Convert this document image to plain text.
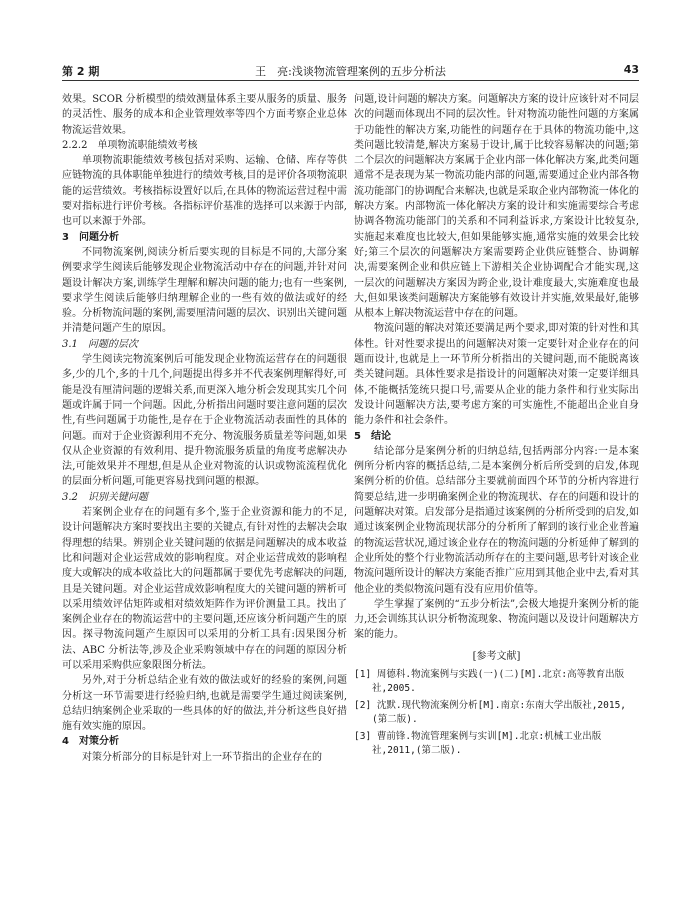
第 2 期	王　亮:浅谈物流管理案例的五步分析法	43

效果。SCOR 分析模型的绩效测量体系主要从服务的质量、服务的灵活性、服务的成本和企业管理效率等四个方面考察企业总体物流运营效果。

2.2.2　单项物流职能绩效考核

单项物流职能绩效考核包括对采购、运输、仓储、库存等供应链物流的具体职能单独进行的绩效考核,目的是评价各项物流职能的运营绩效。考核指标设置好以后,在具体的物流运营过程中需要对指标进行评价考核。各指标评价基准的选择可以来源于内部,也可以来源于外部。

3　问题分析

不同物流案例,阅读分析后要实现的目标是不同的,大部分案例要求学生阅读后能够发现企业物流活动中存在的问题,并针对问题设计解决方案,训练学生理解和解决问题的能力;也有一些案例,要求学生阅读后能够归纳理解企业的一些有效的做法或好的经验。分析物流问题的案例,需要厘清问题的层次、识别出关键问题并清楚问题产生的原因。

3.1　问题的层次

学生阅读完物流案例后可能发现企业物流运营存在的问题很多,少的几个,多的十几个,问题提出得多并不代表案例理解得好,可能是没有厘清问题的逻辑关系,而更深入地分析会发现其实几个问题或许属于同一个问题。因此,分析指出问题时要注意问题的层次性,有些问题属于功能性,是存在于企业物流活动表面性的具体的问题。而对于企业资源利用不充分、物流服务质量差等问题,如果仅从企业资源的有效利用、提升物流服务质量的角度考虑解决办法,可能效果并不理想,但是从企业对物流的认识或物流流程优化的层面分析问题,可能更容易找到问题的根源。

3.2　识别关键问题

若案例企业存在的问题有多个,鉴于企业资源和能力的不足,设计问题解决方案时要找出主要的关键点,有针对性的去解决会取得理想的结果。辨别企业关键问题的依据是问题解决的成本收益比和问题对企业运营成效的影响程度。对企业运营成效的影响程度大或解决的成本收益比大的问题都属于要优先考虑解决的问题,且是关键问题。对企业运营成效影响程度大的关键问题的辨析可以采用绩效评估矩阵或相对绩效矩阵作为评价测量工具。找出了案例企业存在的物流运营中的主要问题,还应该分析问题产生的原因。探寻物流问题产生原因可以采用的分析工具有:因果图分析法、ABC 分析法等,涉及企业采购领域中存在的问题的原因分析可以采用采购供应象限图分析法。

另外,对于分析总结企业有效的做法或好的经验的案例,问题分析这一环节需要进行经验归纳,也就是需要学生通过阅读案例,总结归纳案例企业采取的一些具体的好的做法,并分析这些良好措施有效实施的原因。

4　对策分析

对策分析部分的目标是针对上一环节指出的企业存在的

问题,设计问题的解决方案。问题解决方案的设计应该针对不同层次的问题而体现出不同的层次性。针对物流功能性问题的方案属于功能性的解决方案,功能性的问题存在于具体的物流功能中,这类问题比较清楚,解决方案易于设计,属于比较容易解决的问题;第二个层次的问题解决方案属于企业内部一体化解决方案,此类问题通常不是表现为某一物流功能内部的问题,需要通过企业内部各物流功能部门的协调配合来解决,也就是采取企业内部物流一体化的解决方案。内部物流一体化解决方案的设计和实施需要综合考虑协调各物流功能部门的关系和不同利益诉求,方案设计比较复杂,实施起来难度也比较大,但如果能够实施,通常实施的效果会比较好;第三个层次的问题解决方案需要跨企业供应链整合、协调解决,需要案例企业和供应链上下游相关企业协调配合才能实现,这一层次的问题解决方案因为跨企业,设计难度最大,实施难度也最大,但如果该类问题解决方案能够有效设计并实施,效果最好,能够从根本上解决物流运营中存在的问题。

物流问题的解决对策还要满足两个要求,即对策的针对性和其体性。针对性要求提出的问题解决对策一定要针对企业存在的问题而设计,也就是上一环节所分析指出的关键问题,而不能脱离该类关键问题。具体性要求是指设计的问题解决对策一定要详细具体,不能概括笼统只提口号,需要从企业的能力条件和行业实际出发设计问题解决方法,要考虑方案的可实施性,不能超出企业自身能力条件和社会条件。

5　结论

结论部分是案例分析的归纳总结,包括两部分内容:一是本案例所分析内容的概括总结,二是本案例分析后所受到的启发,体现案例分析的价值。总结部分主要就前面四个环节的分析内容进行简要总结,进一步明确案例企业的物流现状、存在的问题和设计的问题解决对策。启发部分是指通过该案例的分析所受到的启发,如通过该案例企业物流现状部分的分析所了解到的该行业企业普遍的物流运营状况,通过该企业存在的物流问题的分析延伸了解到的企业所处的整个行业物流活动所存在的主要问题,思考针对该企业物流问题所设计的解决方案能否推广应用到其他企业中去,看对其他企业的类似物流问题有没有应用价值等。

学生掌握了案例的“五步分析法”,会极大地提升案例分析的能力,还会训练其认识分析物流现象、物流问题以及设计问题解决方案的能力。

[参考文献]

[1] 周德科.物流案例与实践(一)(二)[M].北京:高等教育出版社,2005.
[2] 沈默.现代物流案例分析[M].南京:东南大学出版社,2015,(第二版).
[3] 曹前锋.物流管理案例与实训[M].北京:机械工业出版社,2011,(第二版).
